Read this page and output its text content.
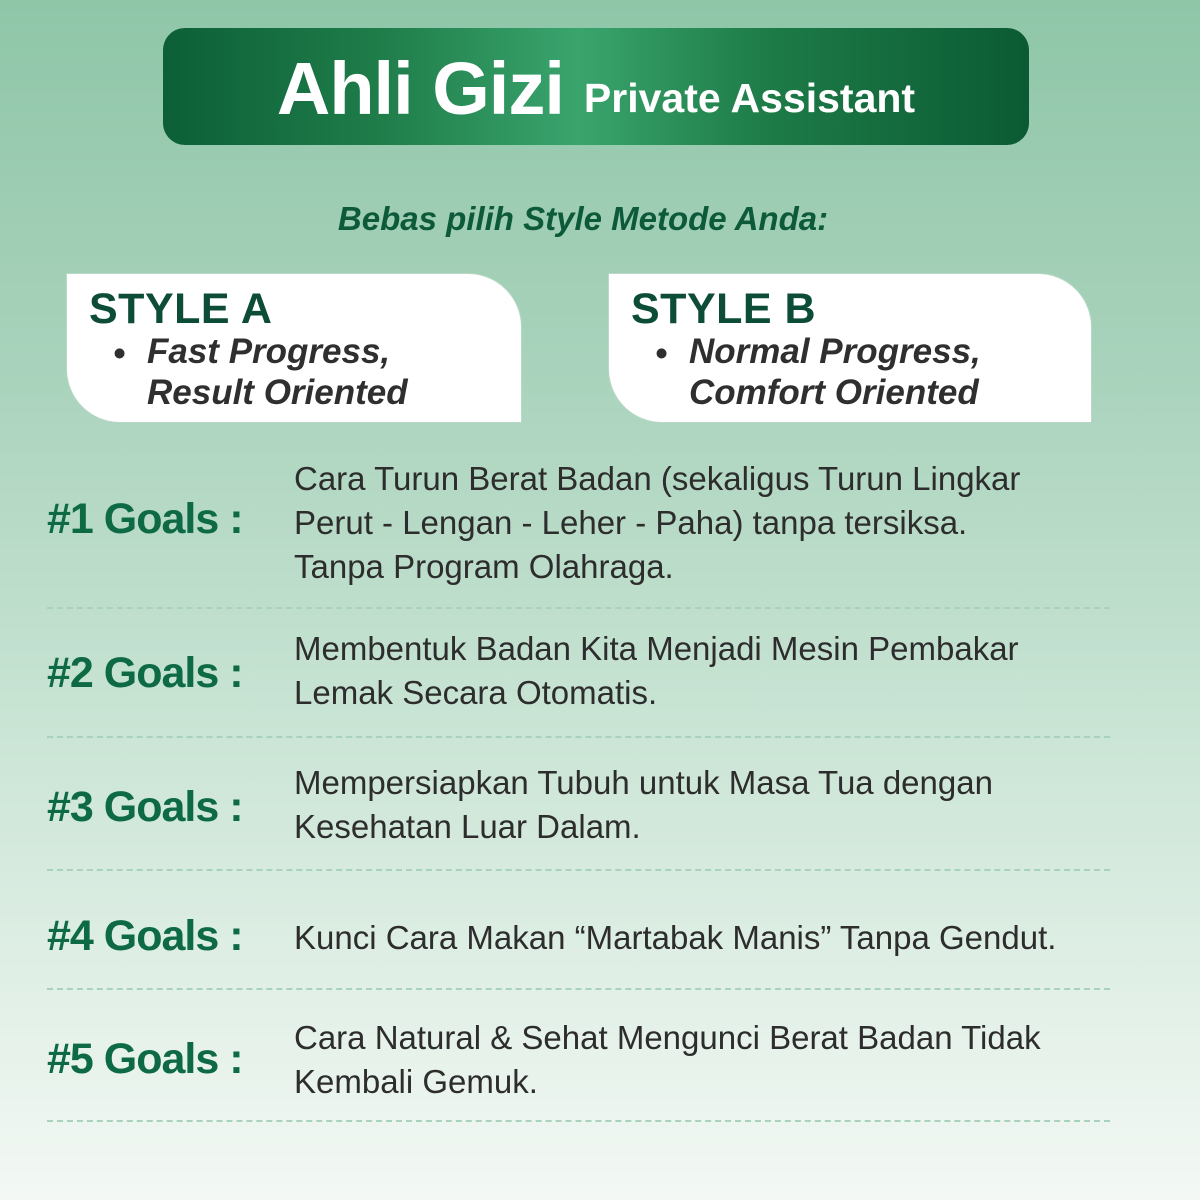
Ahli Gizi Private Assistant
Bebas pilih Style Metode Anda:
STYLE A
• Fast Progress,
Result Oriented
STYLE B
• Normal Progress,
Comfort Oriented
#1 Goals :
Cara Turun Berat Badan (sekaligus Turun Lingkar
Perut - Lengan - Leher - Paha) tanpa tersiksa.
Tanpa Program Olahraga.
#2 Goals :
Membentuk Badan Kita Menjadi Mesin Pembakar
Lemak Secara Otomatis.
#3 Goals :
Mempersiapkan Tubuh untuk Masa Tua dengan
Kesehatan Luar Dalam.
#4 Goals : Kunci Cara Makan “Martabak Manis” Tanpa Gendut.
#5 Goals : Cara Natural & Sehat Mengunci Berat Badan Tidak
Kembali Gemuk.
